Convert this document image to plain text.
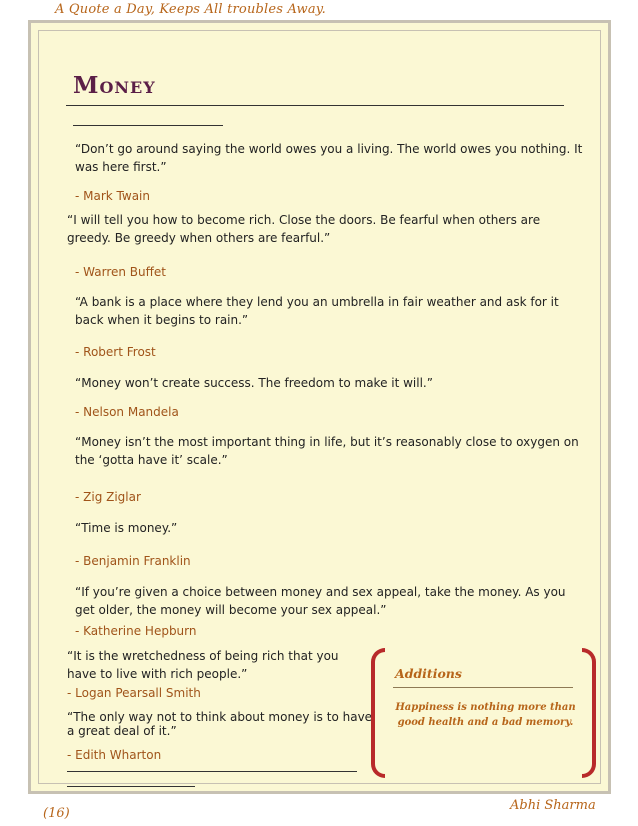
A Quote a Day, Keeps All troubles Away.
Money
“Don’t go around saying the world owes you a living. The world owes you nothing. It
was here first.”
- Mark Twain
“I will tell you how to become rich. Close the doors. Be fearful when others are
greedy. Be greedy when others are fearful.”
- Warren Buffet
“A bank is a place where they lend you an umbrella in fair weather and ask for it
back when it begins to rain.”
- Robert Frost
“Money won’t create success. The freedom to make it will.”
- Nelson Mandela
“Money isn’t the most important thing in life, but it’s reasonably close to oxygen on
the ‘gotta have it’ scale.”
- Zig Ziglar
“Time is money.”
- Benjamin Franklin
“If you’re given a choice between money and sex appeal, take the money. As you
get older, the money will become your sex appeal.”
- Katherine Hepburn
“It is the wretchedness of being rich that you
have to live with rich people.”
- Logan Pearsall Smith
“The only way not to think about money is to have
a great deal of it.”
- Edith Wharton
Additions
Happiness is nothing more than
good health and a bad memory.
Abhi Sharma
(16)
